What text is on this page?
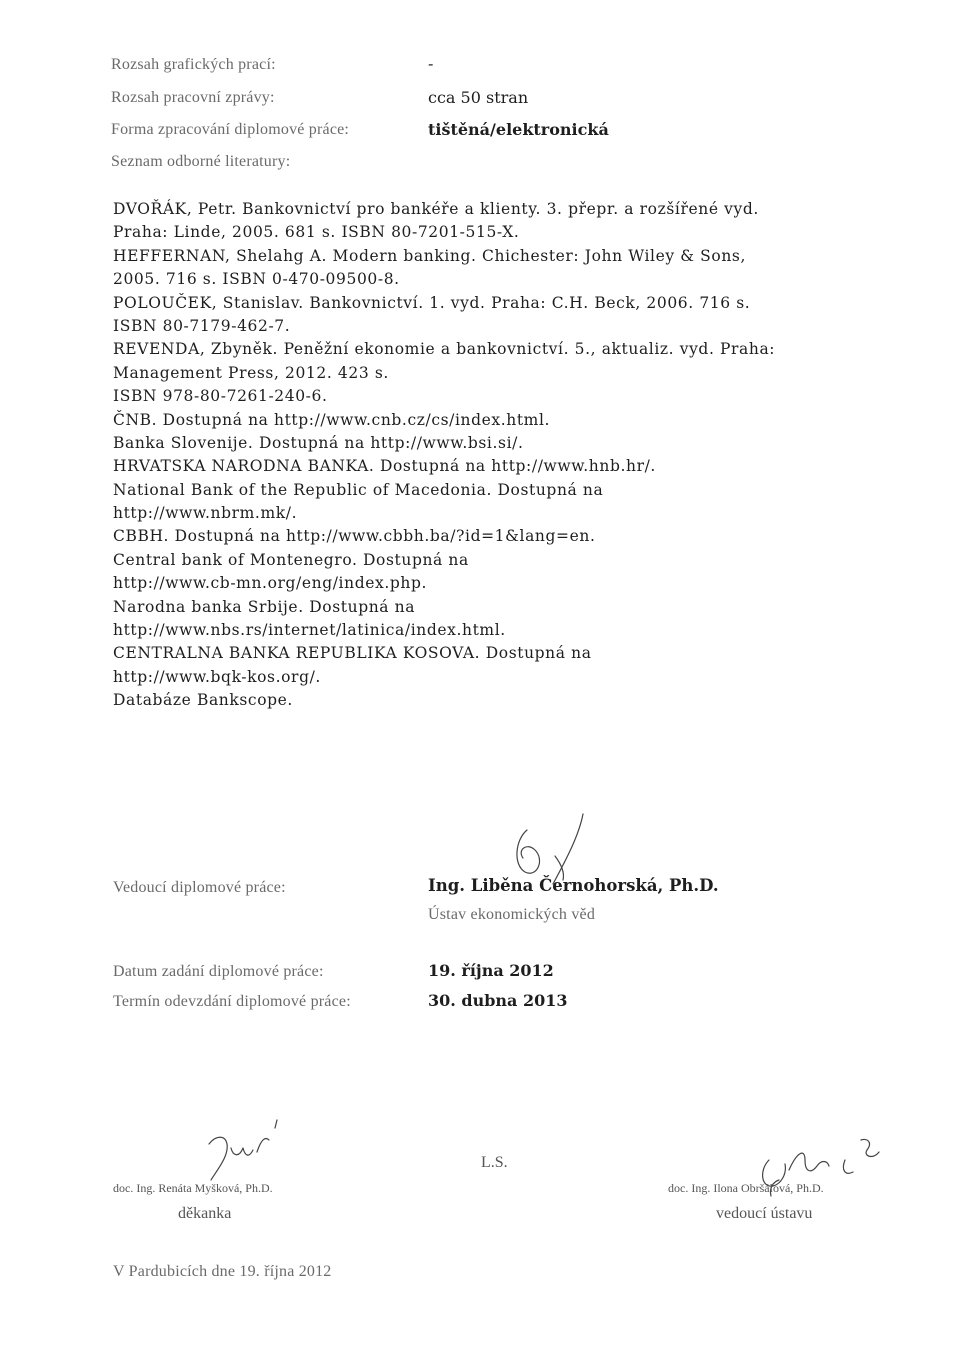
Rozsah grafických prací:	-
Rozsah pracovní zprávy:	cca 50 stran
Forma zpracování diplomové práce:	tištěná/elektronická
Seznam odborné literatury:
DVOŘÁK, Petr. Bankovnictví pro bankéře a klienty. 3. přepr. a rozšířené vyd.
Praha: Linde, 2005. 681 s. ISBN 80-7201-515-X.
HEFFERNAN, Shelahg A. Modern banking. Chichester: John Wiley & Sons,
2005. 716 s. ISBN 0-470-09500-8.
POLOUČEK, Stanislav. Bankovnictví. 1. vyd. Praha: C.H. Beck, 2006. 716 s.
ISBN 80-7179-462-7.
REVENDA, Zbyněk. Peněžní ekonomie a bankovnictví. 5., aktualiz. vyd. Praha:
Management Press, 2012. 423 s.
ISBN 978-80-7261-240-6.
ČNB. Dostupná na http://www.cnb.cz/cs/index.html.
Banka Slovenije. Dostupná na http://www.bsi.si/.
HRVATSKA NARODNA BANKA. Dostupná na http://www.hnb.hr/.
National Bank of the Republic of Macedonia. Dostupná na
http://www.nbrm.mk/.
CBBH. Dostupná na http://www.cbbh.ba/?id=1&lang=en.
Central bank of Montenegro. Dostupná na
http://www.cb-mn.org/eng/index.php.
Narodna banka Srbije. Dostupná na
http://www.nbs.rs/internet/latinica/index.html.
CENTRALNA BANKA REPUBLIKA KOSOVA. Dostupná na
http://www.bqk-kos.org/.
Databáze Bankscope.
Vedoucí diplomové práce:	Ing. Liběna Černohorská, Ph.D.
Ústav ekonomických věd
Datum zadání diplomové práce:	19. října 2012
Termín odevzdání diplomové práce:	30. dubna 2013
doc. Ing. Renáta Myšková, Ph.D.
děkanka
L.S.
doc. Ing. Ilona Obršálová, Ph.D.
vedoucí ústavu
V Pardubicích dne 19. října 2012
